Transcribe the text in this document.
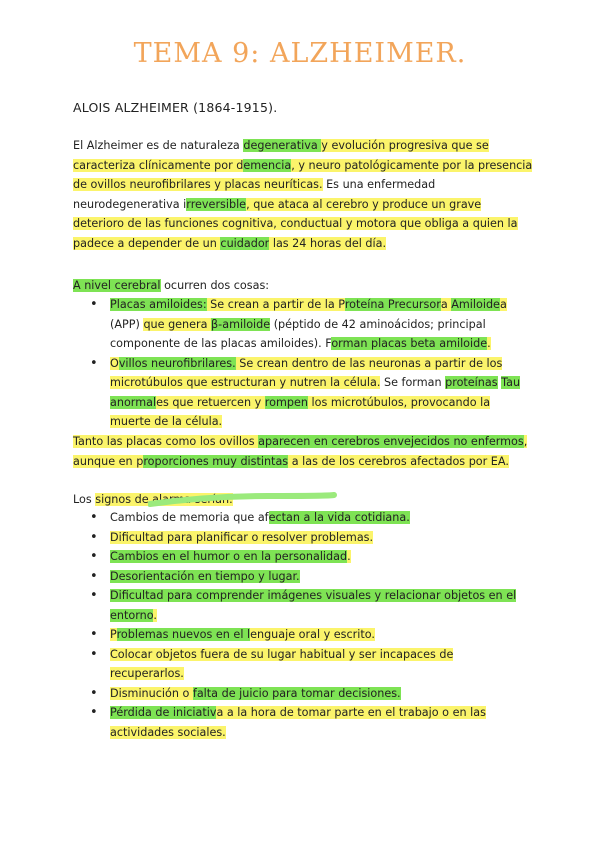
TEMA 9: ALZHEIMER.
ALOIS ALZHEIMER (1864-1915).

El Alzheimer es de naturaleza degenerativa y evolución progresiva que se caracteriza clínicamente por demencia, y neuro patológicamente por la presencia de ovillos neurofibrilares y placas neuríticas. Es una enfermedad neurodegenerativa irreversible, que ataca al cerebro y produce un grave deterioro de las funciones cognitiva, conductual y motora que obliga a quien la padece a depender de un cuidador las 24 horas del día.

A nivel cerebral ocurren dos cosas:

• Placas amiloides: Se crean a partir de la Proteína Precursora Amiloidea (APP) que genera β-amiloide (péptido de 42 aminoácidos; principal componente de las placas amiloides). Forman placas beta amiloide.
• Ovillos neurofibrilares. Se crean dentro de las neuronas a partir de los microtúbulos que estructuran y nutren la célula. Se forman proteínas Tau anormales que retuercen y rompen los microtúbulos, provocando la muerte de la célula.

Tanto las placas como los ovillos aparecen en cerebros envejecidos no enfermos, aunque en proporciones muy distintas a las de los cerebros afectados por EA.

Los signos de alarma serían:

• Cambios de memoria que afectan a la vida cotidiana.
• Dificultad para planificar o resolver problemas.
• Cambios en el humor o en la personalidad.
• Desorientación en tiempo y lugar.
• Dificultad para comprender imágenes visuales y relacionar objetos en el entorno.
• Problemas nuevos en el lenguaje oral y escrito.
• Colocar objetos fuera de su lugar habitual y ser incapaces de recuperarlos.
• Disminución o falta de juicio para tomar decisiones.
• Pérdida de iniciativa a la hora de tomar parte en el trabajo o en las actividades sociales.
